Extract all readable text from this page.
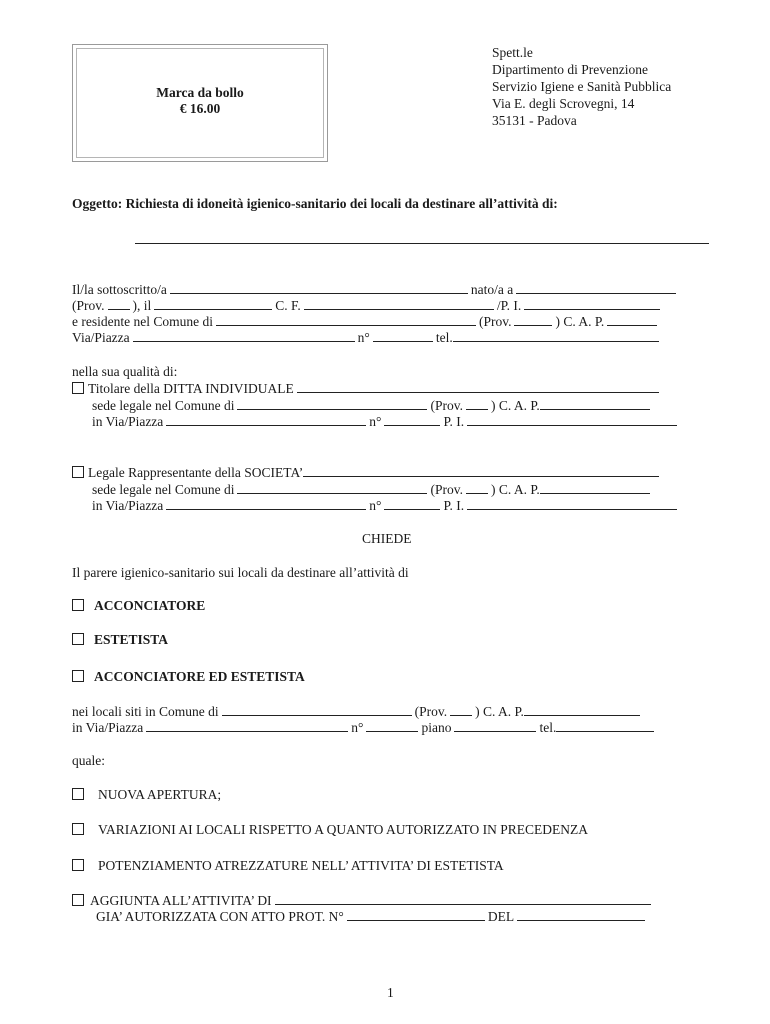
Marca da bollo
€ 16.00
Spett.le
Dipartimento di Prevenzione
Servizio Igiene e Sanità Pubblica
Via E. degli Scrovegni, 14
35131 - Padova
Oggetto: Richiesta di idoneità igienico-sanitario dei locali da destinare all’attività di:
Il/la sottoscritto/a	nato/a a
(Prov. ), il	C. F.	/P. I.
e residente nel Comune di	(Prov.	) C. A. P.
Via/Piazza	n°	tel.
nella sua qualità di:
Titolare della DITTA INDIVIDUALE
sede legale nel Comune di	(Prov. ) C. A. P.
in Via/Piazza	n°	P. I.
Legale Rappresentante della SOCIETA’
sede legale nel Comune di	(Prov. ) C. A. P.
in Via/Piazza	n°	P. I.
CHIEDE
Il parere igienico-sanitario sui locali da destinare all’attività di
ACCONCIATORE
ESTETISTA
ACCONCIATORE ED ESTETISTA
nei locali siti in Comune di	(Prov. ) C. A. P.
in Via/Piazza	n°	piano	tel.
quale:
NUOVA APERTURA;
VARIAZIONI AI LOCALI RISPETTO A QUANTO AUTORIZZATO IN PRECEDENZA
POTENZIAMENTO ATREZZATURE NELL’ ATTIVITA’ DI ESTETISTA
AGGIUNTA ALL’ATTIVITA’ DI
GIA’ AUTORIZZATA CON ATTO PROT. N°	DEL
1
